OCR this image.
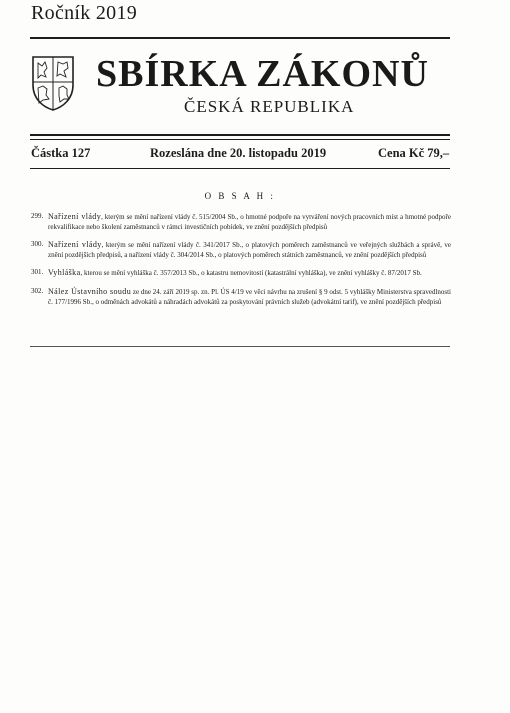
Ročník 2019
SBÍRKA ZÁKONŮ
ČESKÁ REPUBLIKA
Částka 127	Rozeslána dne 20. listopadu 2019	Cena Kč 79,–
O B S A H :
299. Nařízení vlády, kterým se mění nařízení vlády č. 515/2004 Sb., o hmotné podpoře na vytváření nových pracovních míst a hmotné podpoře rekvalifikace nebo školení zaměstnanců v rámci investičních pobídek, ve znění pozdějších předpisů
300. Nařízení vlády, kterým se mění nařízení vlády č. 341/2017 Sb., o platových poměrech zaměstnanců ve veřejných službách a správě, ve znění pozdějších předpisů, a nařízení vlády č. 304/2014 Sb., o platových poměrech státních zaměstnanců, ve znění pozdějších předpisů
301. Vyhláška, kterou se mění vyhláška č. 357/2013 Sb., o katastru nemovitostí (katastrální vyhláška), ve znění vyhlášky č. 87/2017 Sb.
302. Nález Ústavního soudu ze dne 24. září 2019 sp. zn. Pl. ÚS 4/19 ve věci návrhu na zrušení § 9 odst. 5 vyhlášky Ministerstva spravedlnosti č. 177/1996 Sb., o odměnách advokátů a náhradách advokátů za poskytování právních služeb (advokátní tarif), ve znění pozdějších předpisů
